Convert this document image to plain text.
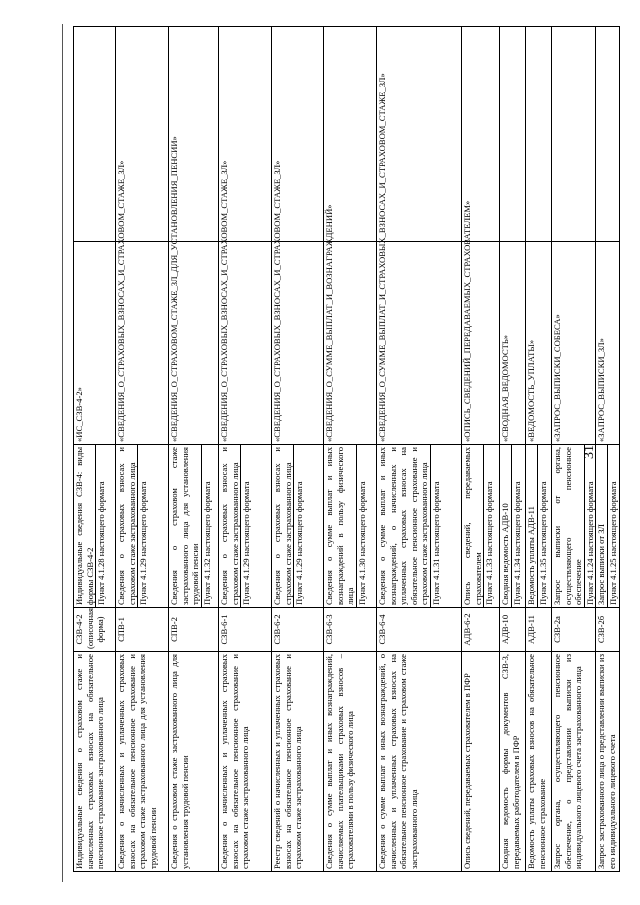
31
Индивидуальные сведения о страховом стаже и начисленных страховых взносах на обязательное пенсионное страхование застрахованного лица	СЗВ-4-2 (описочная форма)	Индивидуальные сведения СЗВ-4: виды формы СЗВ-4-2 Пункт 4.1.28 настоящего формата	«ИС_СЗВ-4-2»	
Сведения о начисленных и уплаченных страховых взносах на обязательное пенсионное страхование и страховом стаже застрахованного лица для установления трудовой пенсии	СПВ-1	Сведения о страховых взносах и страховом стаже застрахованного лица Пункт 4.1.29 настоящего формата	«СВЕДЕНИЯ_О_СТРАХОВЫХ_ВЗНОСАХ_И_СТРАХОВОМ_СТАЖЕ_ЗЛ»	
Сведения о страховом стаже застрахованного лица для установления трудовой пенсии	СПВ-2	Сведения о страховом стаже застрахованного лица для установления трудовой пенсии Пункт 4.1.32 настоящего формата	«СВЕДЕНИЯ_О_СТРАХОВОМ_СТАЖЕ_ЗЛ_ДЛЯ_УСТАНОВЛЕНИЯ_ПЕНСИИ»	
Сведения о начисленных и уплаченных страховых взносах на обязательное пенсионное страхование и страховом стаже застрахованного лица	СЗВ-6-1	Сведения о страховых взносах и страховом стаже застрахованного лица Пункт 4.1.29 настоящего формата	«СВЕДЕНИЯ_О_СТРАХОВЫХ_ВЗНОСАХ_И_СТРАХОВОМ_СТАЖЕ_ЗЛ»	
Реестр сведений о начисленных и уплаченных страховых взносах на обязательное пенсионное страхование и страховом стаже застрахованного лица	СЗВ-6-2	Сведения о страховых взносах и страховом стаже застрахованного лица Пункт 4.1.29 настоящего формата	«СВЕДЕНИЯ_О_СТРАХОВЫХ_ВЗНОСАХ_И_СТРАХОВОМ_СТАЖЕ_ЗЛ»	
Сведения о сумме выплат и иных вознаграждений, начисляемых плательщиками страховых взносов – страхователями в пользу физического лица	СЗВ-6-3	Сведения о сумме выплат и иных вознаграждений в пользу физического лица Пункт 4.1.30 настоящего формата	«СВЕДЕНИЯ_О_СУММЕ_ВЫПЛАТ_И_ВОЗНАГРАЖДЕНИЙ»	
Сведения о сумме выплат и иных вознаграждений, о начисленных и уплаченных страховых взносах на обязательное пенсионное страхование и страховом стаже застрахованного лица	СЗВ-6-4	Сведения о сумме выплат и иных вознаграждений, о начисленных и уплаченных страховых взносах на обязательное пенсионное страхование и страховом стаже застрахованного лица Пункт 4.1.31 настоящего формата	«СВЕДЕНИЯ_О_СУММЕ_ВЫПЛАТ_И_СТРАХОВЫХ_ВЗНОСАХ_И_СТРАХОВОМ_СТАЖЕ_ЗЛ»	
Опись сведений, передаваемых страхователем в ПФР	АДВ-6-2	Опись сведений, передаваемых страхователем Пункт 4.1.33 настоящего формата	«ОПИСЬ_СВЕДЕНИЙ_ПЕРЕДАВАЕМЫХ_СТРАХОВАТЕЛЕМ»	
Сводная ведомость формы документов СЗВ-3, передаваемых работодателем в ПФР	АДВ-10	Сводная ведомость АДВ-10 Пункт 4.1.34 настоящего формата	«СВОДНАЯ_ВЕДОМОСТЬ»	
Ведомость уплаты страховых взносов на обязательное пенсионное страхование	АДВ-11	Ведомость уплаты АДВ-11 Пункт 4.1.35 настоящего формата	«ВЕДОМОСТЬ_УПЛАТЫ»	
Запрос органа, осуществляющего пенсионное обеспечение, о представлении выписки из индивидуального лицевого счета застрахованного лица	СЗВ-2а	Запрос выписки от органа, осуществляющего пенсионное обеспечение Пункт 4.1.24 настоящего формата	«ЗАПРОС_ВЫПИСКИ_СОБЕСА»	
Запрос застрахованного лица о представлении выписки из его индивидуального лицевого счета	СЗВ-2б	Запрос выписки от ЗЛ Пункт 4.1.25 настоящего формата	«ЗАПРОС_ВЫПИСКИ_ЗЛ»	
